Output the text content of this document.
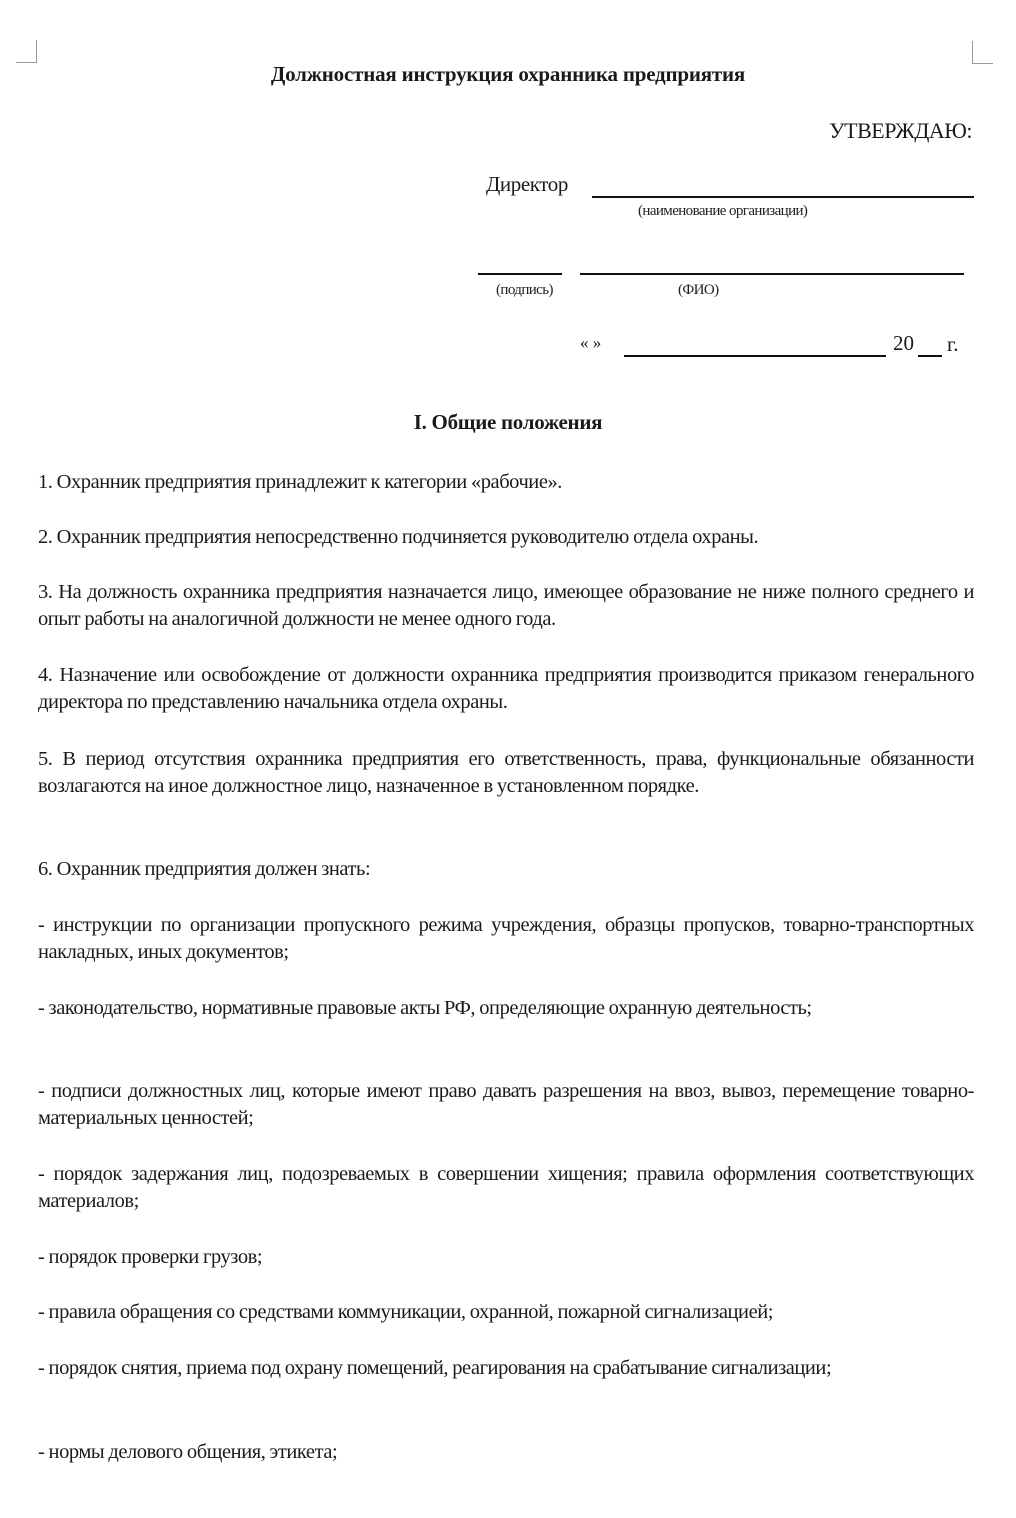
Должностная инструкция охранника предприятия
УТВЕРЖДАЮ:
Директор
(наименование организации)
(подпись)	(ФИО)
« »	20 г.
I. Общие положения
1. Охранник предприятия принадлежит к категории «рабочие».
2. Охранник предприятия непосредственно подчиняется руководителю отдела охраны.
3. На должность охранника предприятия назначается лицо, имеющее образование не ниже полного среднего и опыт работы на аналогичной должности не менее одного года.
4. Назначение или освобождение от должности охранника предприятия производится приказом генерального директора по представлению начальника отдела охраны.
5. В период отсутствия охранника предприятия его ответственность, права, функциональные обязанности возлагаются на иное должностное лицо, назначенное в установленном порядке.
6. Охранник предприятия должен знать:
- инструкции по организации пропускного режима учреждения, образцы пропусков, товарно-транспортных накладных, иных документов;
- законодательство, нормативные правовые акты РФ, определяющие охранную деятельность;
- подписи должностных лиц, которые имеют право давать разрешения на ввоз, вывоз, перемещение товарно-материальных ценностей;
- порядок задержания лиц, подозреваемых в совершении хищения; правила оформления соответствующих материалов;
- порядок проверки грузов;
- правила обращения со средствами коммуникации, охранной, пожарной сигнализацией;
- порядок снятия, приема под охрану помещений, реагирования на срабатывание сигнализации;
- нормы делового общения, этикета;
